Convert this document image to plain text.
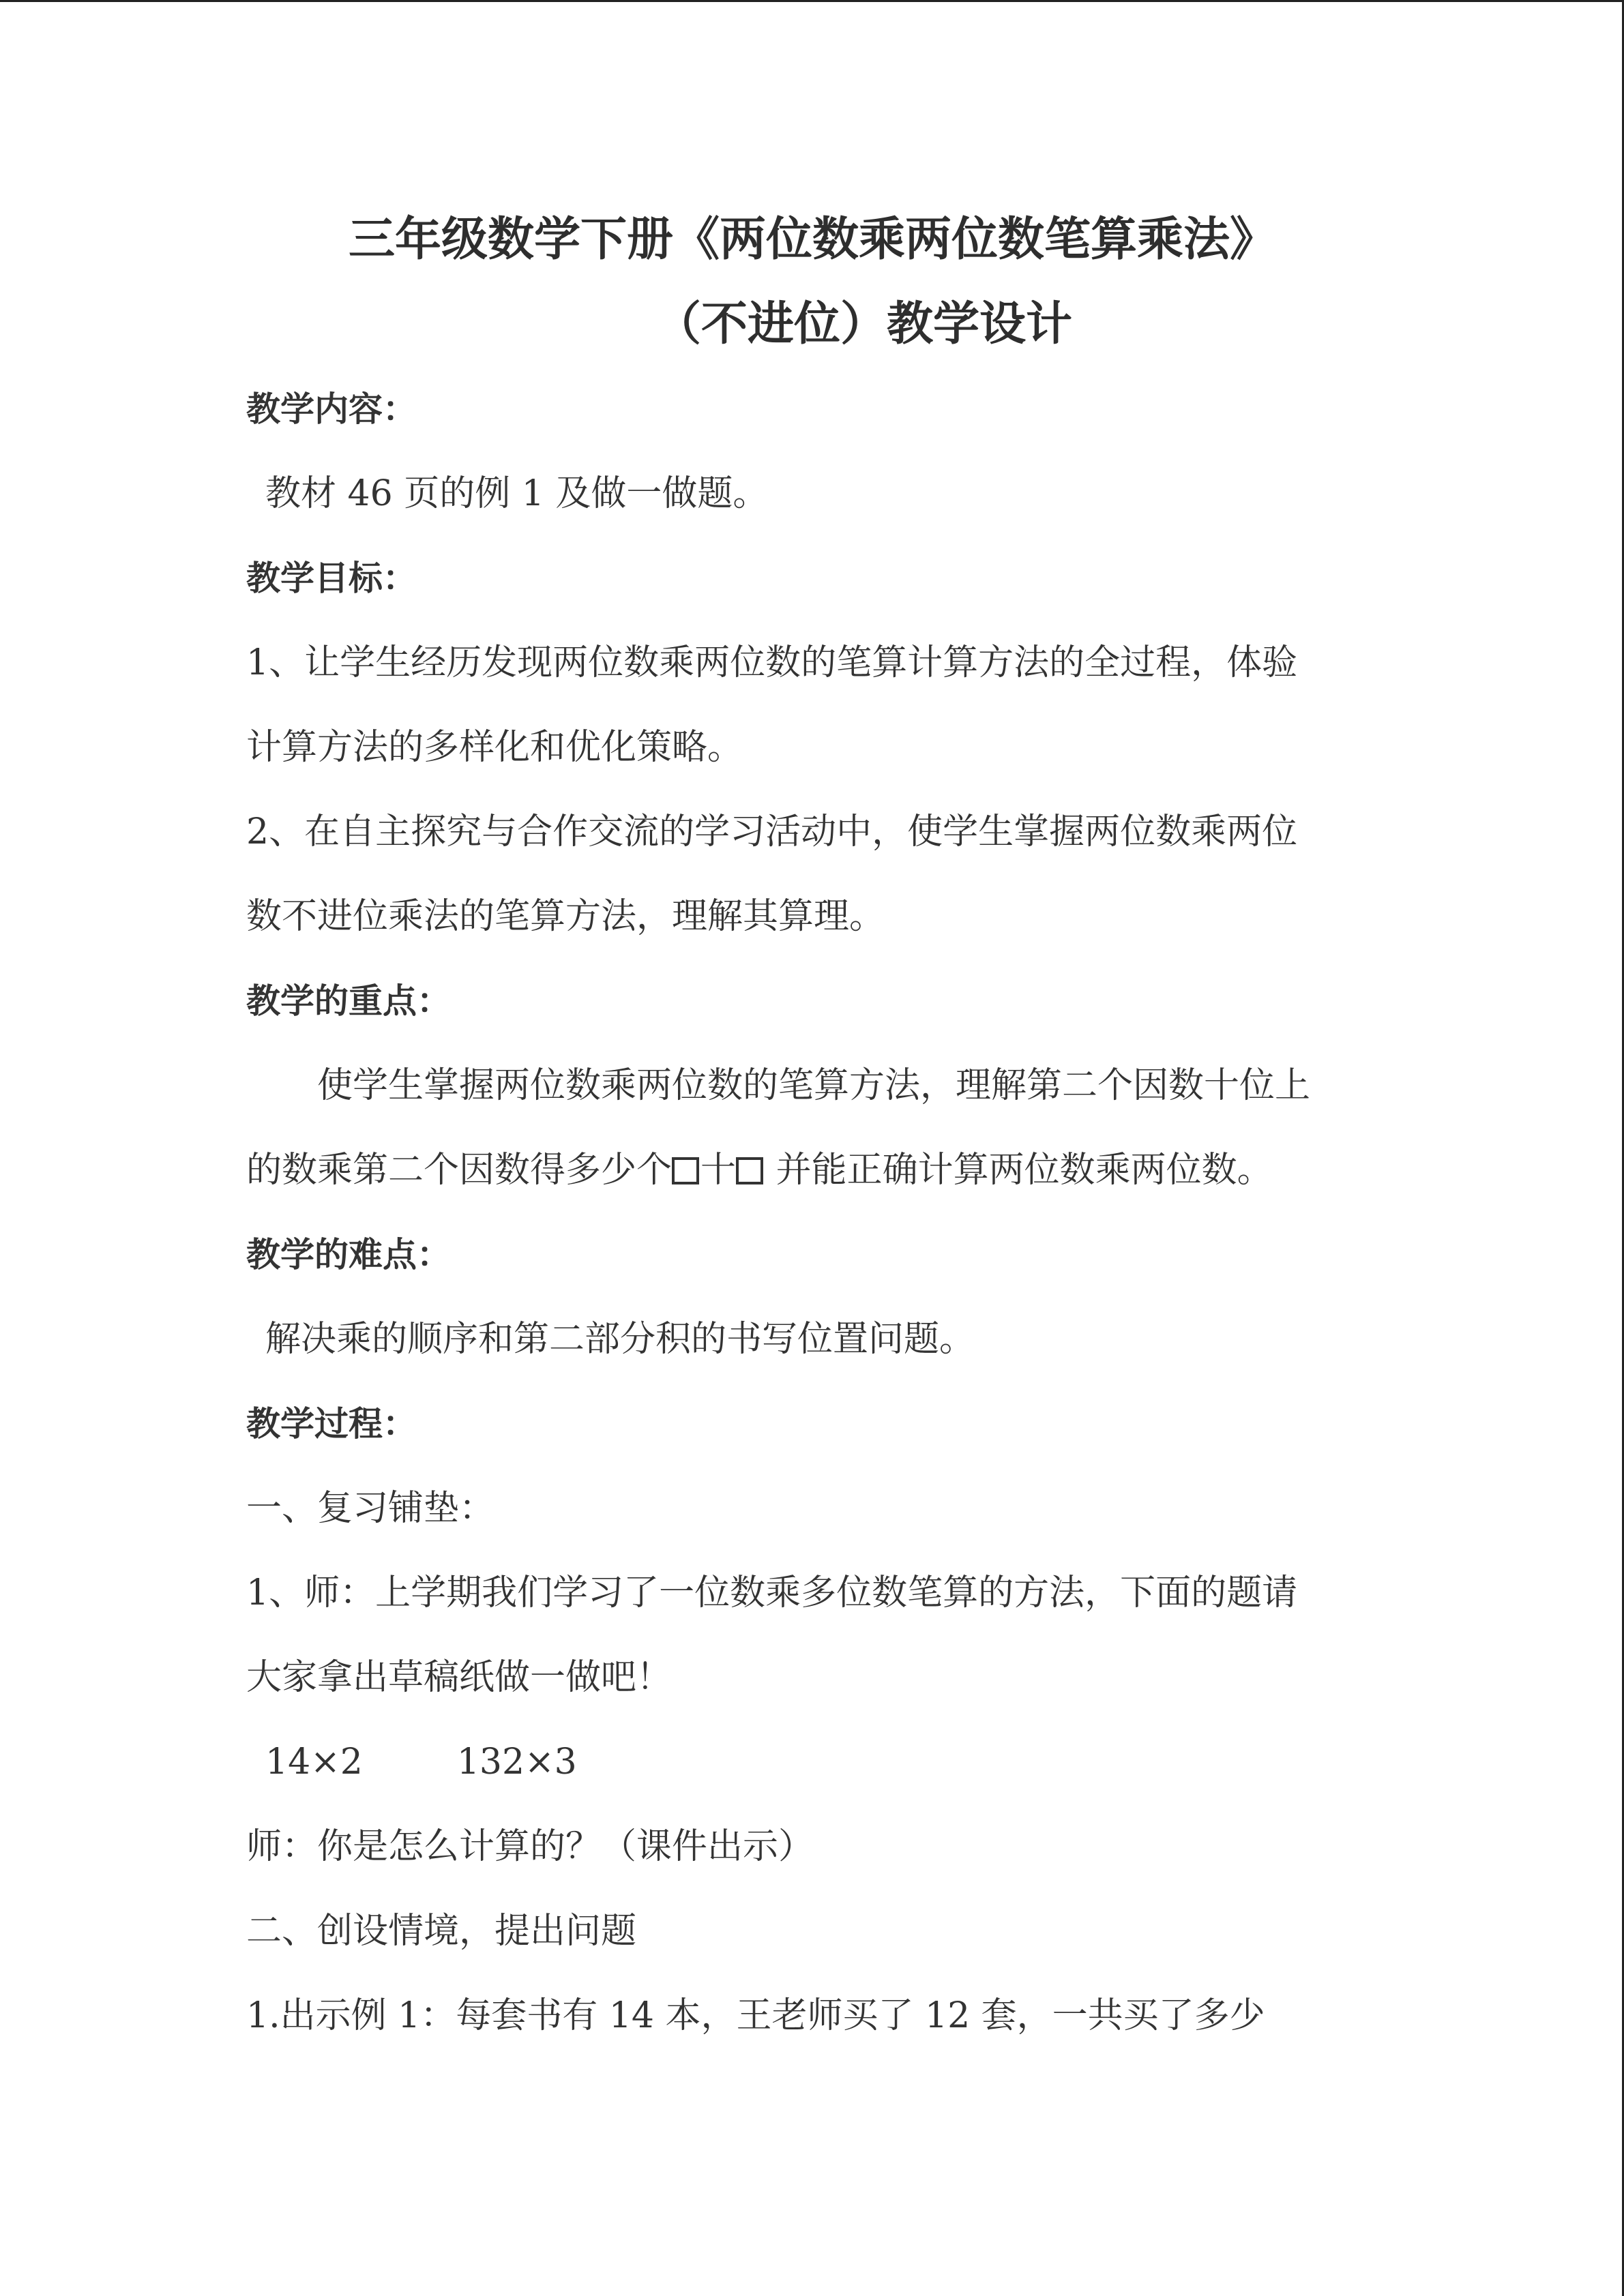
三年级数学下册《两位数乘两位数笔算乘法》

（不进位）教学设计

教学内容：

教材 46 页的例 1 及做一做题。

教学目标：

1、让学生经历发现两位数乘两位数的笔算计算方法的全过程，体验

计算方法的多样化和优化策略。

2、在自主探究与合作交流的学习活动中，使学生掌握两位数乘两位

数不进位乘法的笔算方法，理解其算理。

教学的重点：

使学生掌握两位数乘两位数的笔算方法，理解第二个因数十位上

的数乘第二个因数得多少个 十 并能正确计算两位数乘两位数。

教学的难点：

解决乘的顺序和第二部分积的书写位置问题。

教学过程：

一、复习铺垫：

1、师：上学期我们学习了一位数乘多位数笔算的方法，下面的题请

大家拿出草稿纸做一做吧！

14×2	132×3

师：你是怎么计算的？（课件出示）

二、创设情境，提出问题

1.出示例 1：每套书有 14 本，王老师买了 12 套，一共买了多少
